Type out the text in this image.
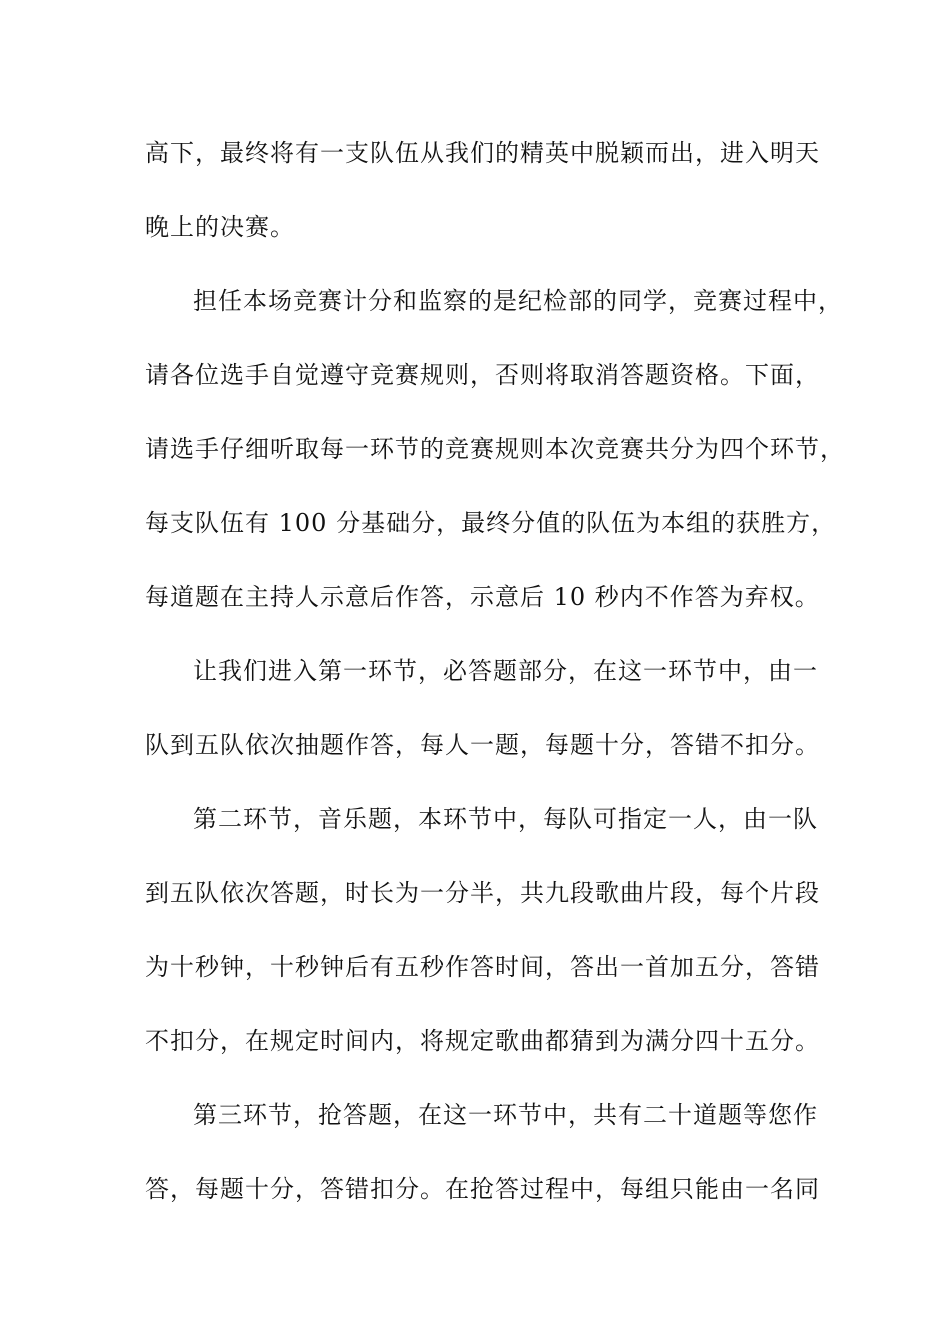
高下，最终将有一支队伍从我们的精英中脱颖而出，进入明天
晚上的决赛。
担任本场竞赛计分和监察的是纪检部的同学，竞赛过程中，
请各位选手自觉遵守竞赛规则，否则将取消答题资格。下面，
请选手仔细听取每一环节的竞赛规则本次竞赛共分为四个环节，
每支队伍有 100 分基础分，最终分值的队伍为本组的获胜方，
每道题在主持人示意后作答，示意后 10 秒内不作答为弃权。
让我们进入第一环节，必答题部分，在这一环节中，由一
队到五队依次抽题作答，每人一题，每题十分，答错不扣分。
第二环节，音乐题，本环节中，每队可指定一人，由一队
到五队依次答题，时长为一分半，共九段歌曲片段，每个片段
为十秒钟，十秒钟后有五秒作答时间，答出一首加五分，答错
不扣分，在规定时间内，将规定歌曲都猜到为满分四十五分。
第三环节，抢答题，在这一环节中，共有二十道题等您作
答，每题十分，答错扣分。在抢答过程中，每组只能由一名同
